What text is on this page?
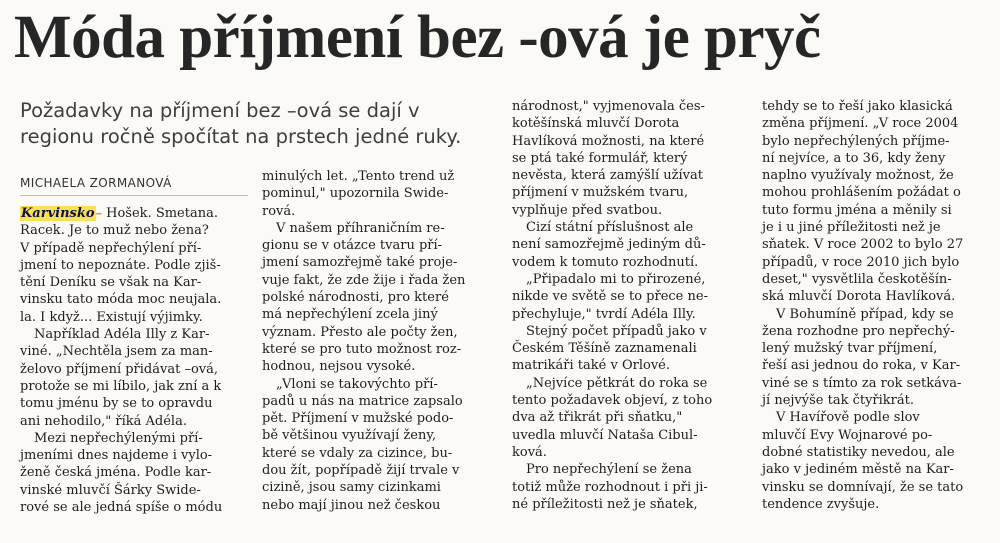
Móda příjmení bez -ová je pryč
Požadavky na příjmení bez –ová se dají v
regionu ročně spočítat na prstech jedné ruky.
MICHAELA ZORMANOVÁ
Karvinsko– Hošek. Smetana.
Racek. Je to muž nebo žena?
V případě nepřechýlení pří-
jmení to nepoznáte. Podle zjiš-
tění Deníku se však na Kar-
vinsku tato móda moc neujala.
la. I když... Existují výjimky.
Například Adéla Illy z Kar-
viné. „Nechtěla jsem za man-
želovo příjmení přidávat –ová,
protože se mi líbilo, jak zní a k
tomu jménu by se to opravdu
ani nehodilo," říká Adéla.
Mezi nepřechýlenými pří-
jmeními dnes najdeme i vylo-
ženě česká jména. Podle kar-
vinské mluvčí Šárky Swide-
rové se ale jedná spíše o módu
minulých let. „Tento trend už
pominul," upozornila Swide-
rová.
V našem příhraničním re-
gionu se v otázce tvaru pří-
jmení samozřejmě také proje-
vuje fakt, že zde žije i řada žen
polské národnosti, pro které
má nepřechýlení zcela jiný
význam. Přesto ale počty žen,
které se pro tuto možnost roz-
hodnou, nejsou vysoké.
„Vloni se takovýchto pří-
padů u nás na matrice zapsalo
pět. Příjmení v mužské podo-
bě většinou využívají ženy,
které se vdaly za cizince, bu-
dou žít, popřípadě žijí trvale v
cizině, jsou samy cizinkami
nebo mají jinou než českou
národnost," vyjmenovala čes-
kotěšínská mluvčí Dorota
Havlíková možnosti, na které
se ptá také formulář, který
nevěsta, která zamýšlí užívat
příjmení v mužském tvaru,
vyplňuje před svatbou.
Cizí státní příslušnost ale
není samozřejmě jediným dů-
vodem k tomuto rozhodnutí.
„Připadalo mi to přirozené,
nikde ve světě se to přece ne-
přechyluje," tvrdí Adéla Illy.
Stejný počet případů jako v
Českém Těšíně zaznamenali
matrikáři také v Orlové.
„Nejvíce pětkrát do roka se
tento požadavek objeví, z toho
dva až třikrát při sňatku,"
uvedla mluvčí Nataša Cibul-
ková.
Pro nepřechýlení se žena
totiž může rozhodnout i při ji-
né příležitosti než je sňatek,
tehdy se to řeší jako klasická
změna příjmení. „V roce 2004
bylo nepřechýlených příjme-
ní nejvíce, a to 36, kdy ženy
naplno využívaly možnost, že
mohou prohlášením požádat o
tuto formu jména a měnily si
je i u jiné příležitosti než je
sňatek. V roce 2002 to bylo 27
případů, v roce 2010 jich bylo
deset," vysvětlila českotěšín-
ská mluvčí Dorota Havlíková.
V Bohumíně případ, kdy se
žena rozhodne pro nepřechý-
lený mužský tvar příjmení,
řeší asi jednou do roka, v Kar-
viné se s tímto za rok setkáva-
jí nejvýše tak čtyřikrát.
V Havířově podle slov
mluvčí Evy Wojnarové po-
dobné statistiky nevedou, ale
jako v jediném městě na Kar-
vinsku se domnívají, že se tato
tendence zvyšuje.
